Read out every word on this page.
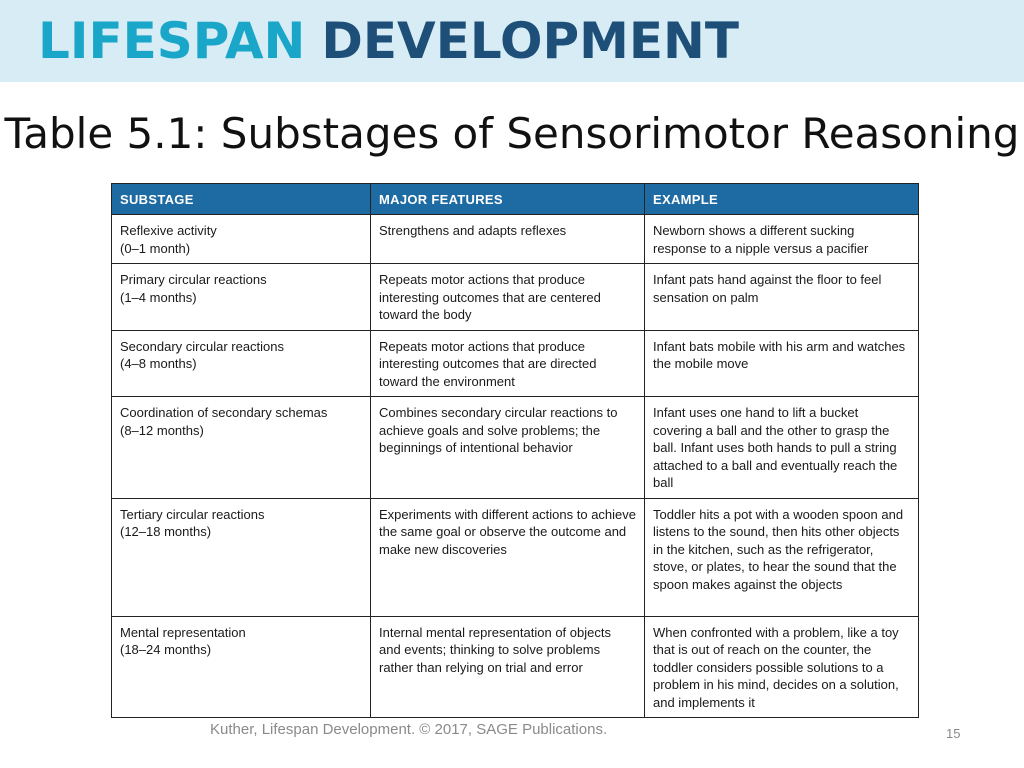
LIFESPAN DEVELOPMENT
Table 5.1: Substages of Sensorimotor Reasoning
SUBSTAGE	MAJOR FEATURES	EXAMPLE

Reflexive activity
(0–1 month)	Strengthens and adapts reflexes	Newborn shows a different sucking response to a nipple versus a pacifier

Primary circular reactions
(1–4 months)	Repeats motor actions that produce interesting outcomes that are centered toward the body	Infant pats hand against the floor to feel sensation on palm

Secondary circular reactions
(4–8 months)	Repeats motor actions that produce interesting outcomes that are directed toward the environment	Infant bats mobile with his arm and watches the mobile move

Coordination of secondary schemas
(8–12 months)	Combines secondary circular reactions to achieve goals and solve problems; the beginnings of intentional behavior	Infant uses one hand to lift a bucket covering a ball and the other to grasp the ball. Infant uses both hands to pull a string attached to a ball and eventually reach the ball

Tertiary circular reactions
(12–18 months)	Experiments with different actions to achieve the same goal or observe the outcome and make new discoveries	Toddler hits a pot with a wooden spoon and listens to the sound, then hits other objects in the kitchen, such as the refrigerator, stove, or plates, to hear the sound that the spoon makes against the objects

Mental representation
(18–24 months)	Internal mental representation of objects and events; thinking to solve problems rather than relying on trial and error	When confronted with a problem, like a toy that is out of reach on the counter, the toddler considers possible solutions to a problem in his mind, decides on a solution, and implements it
Kuther, Lifespan Development. © 2017, SAGE Publications.	15
